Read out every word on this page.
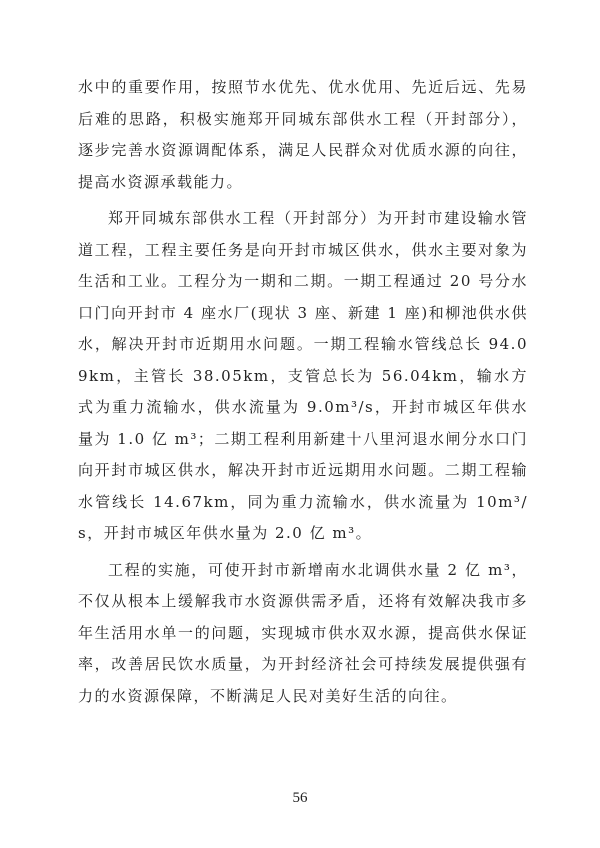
水中的重要作用，按照节水优先、优水优用、先近后远、先易后难的思路，积极实施郑开同城东部供水工程（开封部分），逐步完善水资源调配体系，满足人民群众对优质水源的向往，提高水资源承载能力。

郑开同城东部供水工程（开封部分）为开封市建设输水管道工程，工程主要任务是向开封市城区供水，供水主要对象为生活和工业。工程分为一期和二期。一期工程通过 20 号分水口门向开封市 4 座水厂(现状 3 座、新建 1 座)和柳池供水供水，解决开封市近期用水问题。一期工程输水管线总长 94.09km，主管长 38.05km，支管总长为 56.04km，输水方式为重力流输水，供水流量为 9.0m³/s，开封市城区年供水量为 1.0 亿 m³；二期工程利用新建十八里河退水闸分水口门向开封市城区供水，解决开封市近远期用水问题。二期工程输水管线长 14.67km，同为重力流输水，供水流量为 10m³/s，开封市城区年供水量为 2.0 亿 m³。

工程的实施，可使开封市新增南水北调供水量 2 亿 m³，不仅从根本上缓解我市水资源供需矛盾，还将有效解决我市多年生活用水单一的问题，实现城市供水双水源，提高供水保证率，改善居民饮水质量，为开封经济社会可持续发展提供强有力的水资源保障，不断满足人民对美好生活的向往。

56
